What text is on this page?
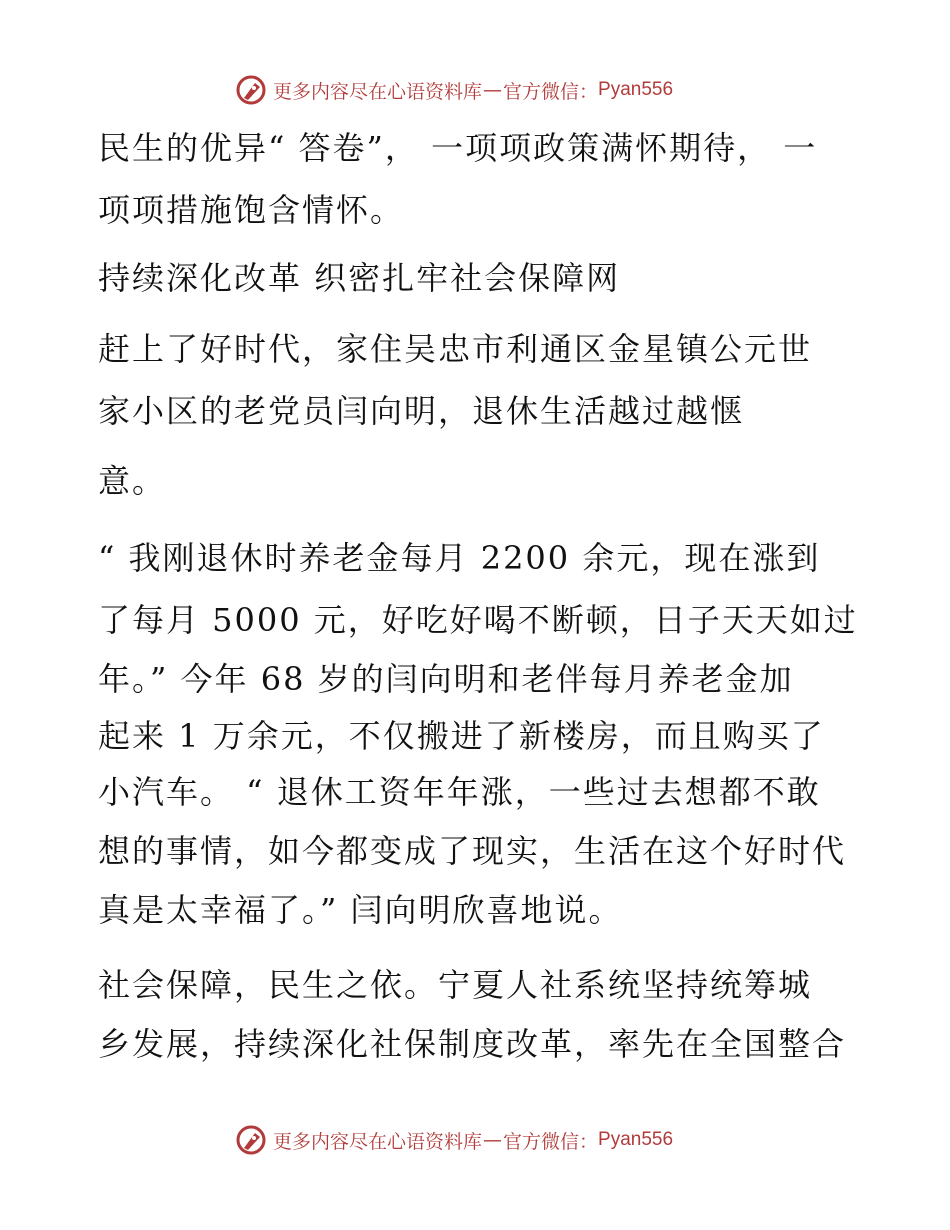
更多内容尽在心语资料库 — 官方微信： Pyan556
民生的优异“ 答卷”， 一项项政策满怀期待， 一
项项措施饱含情怀。
持续深化改革 织密扎牢社会保障网
赶上了好时代，家住吴忠市利通区金星镇公元世
家小区的老党员闫向明，退休生活越过越惬
意。
“ 我刚退休时养老金每月 2200 余元，现在涨到
了每月 5000 元，好吃好喝不断顿，日子天天如过
年。” 今年 68 岁的闫向明和老伴每月养老金加
起来 1 万余元，不仅搬进了新楼房，而且购买了
小汽车。 “ 退休工资年年涨，一些过去想都不敢
想的事情，如今都变成了现实，生活在这个好时代
真是太幸福了。” 闫向明欣喜地说。
社会保障，民生之依。宁夏人社系统坚持统筹城
乡发展，持续深化社保制度改革，率先在全国整合
更多内容尽在心语资料库 — 官方微信： Pyan556
